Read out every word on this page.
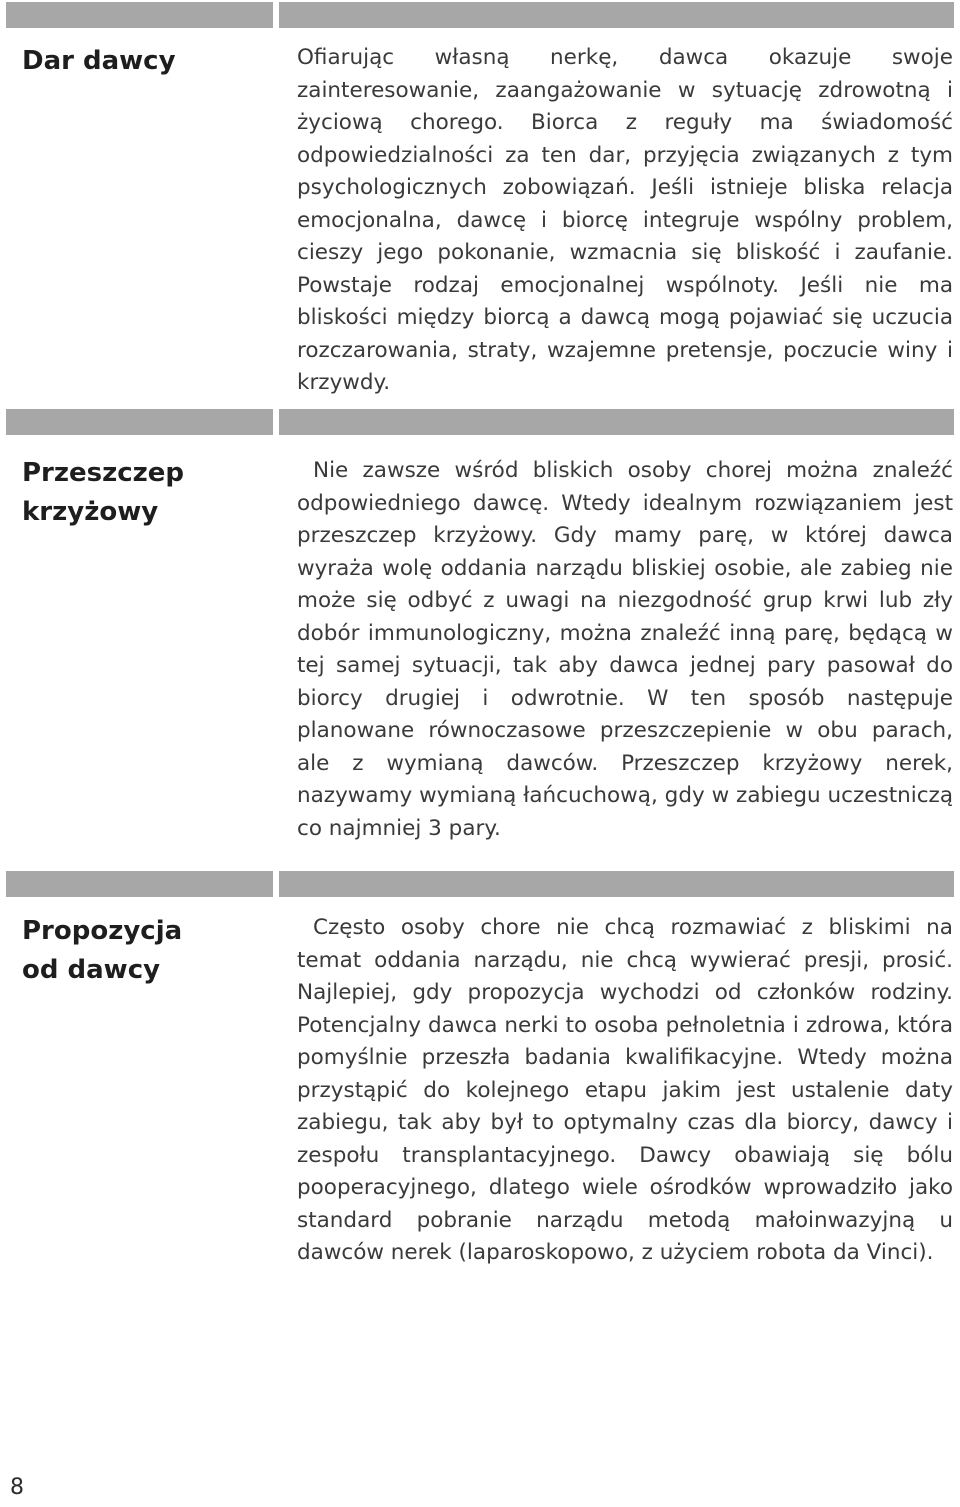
Dar dawcy	Ofiarując własną nerkę, dawca okazuje swoje zainteresowanie, zaangażowanie w sytuację zdrowotną i życiową chorego. Biorca z reguły ma świadomość odpowiedzialności za ten dar, przyjęcia związanych z tym psychologicznych zobowiązań. Jeśli istnieje bliska relacja emocjonalna, dawcę i biorcę integruje wspólny problem, cieszy jego pokonanie, wzmacnia się bliskość i zaufanie. Powstaje rodzaj emocjonalnej wspólnoty. Jeśli nie ma bliskości między biorcą a dawcą mogą pojawiać się uczucia rozczarowania, straty, wzajemne pretensje, poczucie winy i krzywdy.

Przeszczep krzyżowy

Nie zawsze wśród bliskich osoby chorej można znaleźć odpowiedniego dawcę. Wtedy idealnym rozwiązaniem jest przeszczep krzyżowy. Gdy mamy parę, w której dawca wyraża wolę oddania narządu bliskiej osobie, ale zabieg nie może się odbyć z uwagi na niezgodność grup krwi lub zły dobór immunologiczny, można znaleźć inną parę, będącą w tej samej sytuacji, tak aby dawca jednej pary pasował do biorcy drugiej i odwrotnie. W ten sposób następuje planowane równoczasowe przeszczepienie w obu parach, ale z wymianą dawców. Przeszczep krzyżowy nerek, nazywamy wymianą łańcuchową, gdy w zabiegu uczestniczą co najmniej 3 pary.

Propozycja od dawcy

Często osoby chore nie chcą rozmawiać z bliskimi na temat oddania narządu, nie chcą wywierać presji, prosić. Najlepiej, gdy propozycja wychodzi od członków rodziny. Potencjalny dawca nerki to osoba pełnoletnia i zdrowa, która pomyślnie przeszła badania kwalifikacyjne. Wtedy można przystąpić do kolejnego etapu jakim jest ustalenie daty zabiegu, tak aby był to optymalny czas dla biorcy, dawcy i zespołu transplantacyjnego. Dawcy obawiają się bólu pooperacyjnego, dlatego wiele ośrodków wprowadziło jako standard pobranie narządu metodą małoinwazyjną u dawców nerek (laparoskopowo, z użyciem robota da Vinci).

8
